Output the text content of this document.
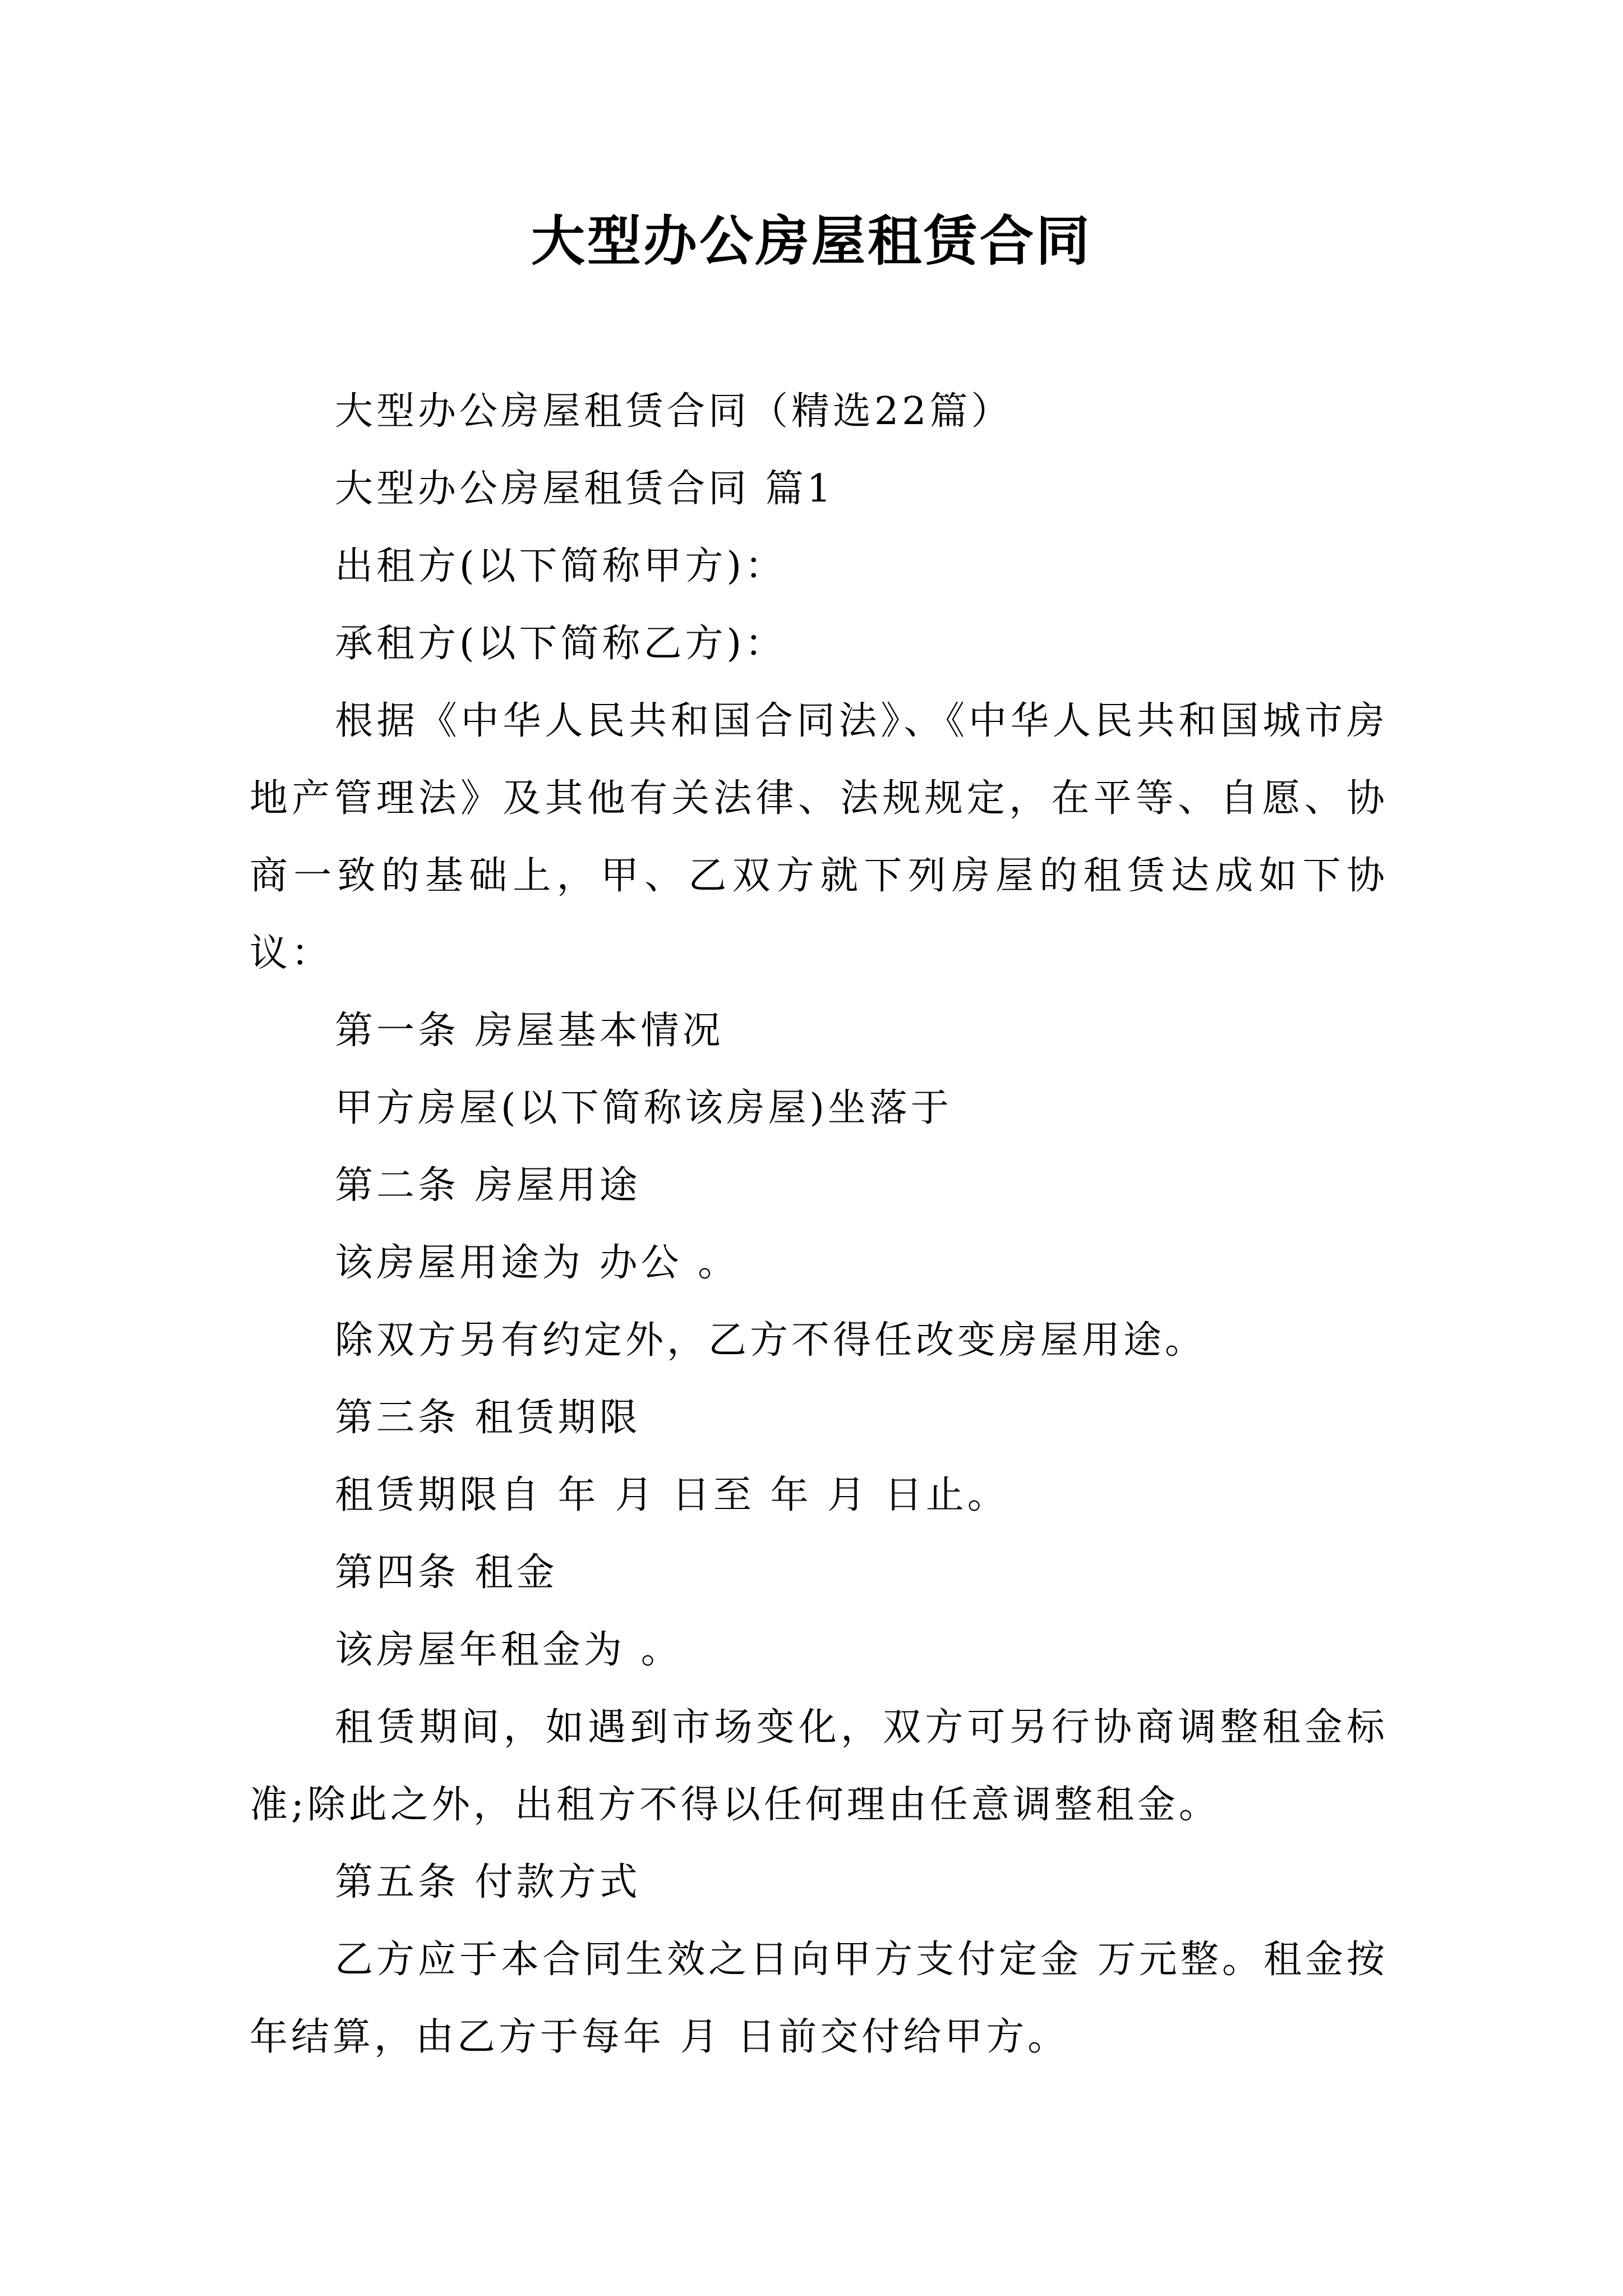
大型办公房屋租赁合同

大型办公房屋租赁合同（精选22篇）

大型办公房屋租赁合同 篇1

出租方(以下简称甲方)：

承租方(以下简称乙方)：

根据《中华人民共和国合同法》、《中华人民共和国城市房地产管理法》及其他有关法律、法规规定，在平等、自愿、协商一致的基础上，甲、乙双方就下列房屋的租赁达成如下协议：

第一条 房屋基本情况

甲方房屋(以下简称该房屋)坐落于

第二条 房屋用途

该房屋用途为 办公 。

除双方另有约定外，乙方不得任改变房屋用途。

第三条 租赁期限

租赁期限自 年 月 日至 年 月 日止。

第四条 租金

该房屋年租金为 。

租赁期间，如遇到市场变化，双方可另行协商调整租金标准;除此之外，出租方不得以任何理由任意调整租金。

第五条 付款方式

乙方应于本合同生效之日向甲方支付定金 万元整。租金按年结算，由乙方于每年 月 日前交付给甲方。
